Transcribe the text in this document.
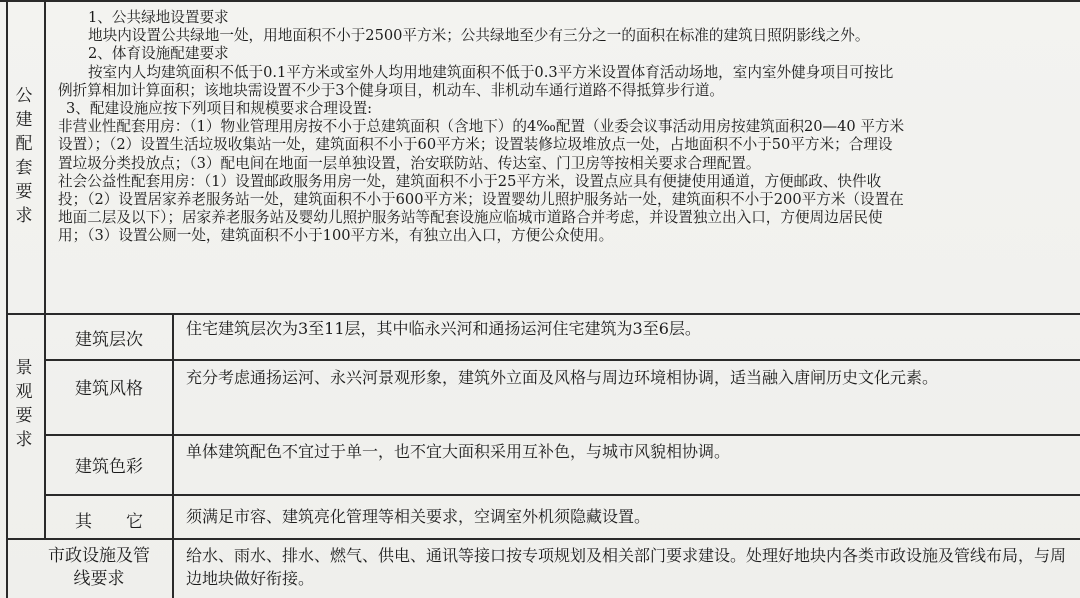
公建配套要求
1、公共绿地设置要求
地块内设置公共绿地一处，用地面积不小于2500平方米；公共绿地至少有三分之一的面积在标准的建筑日照阴影线之外。
2、体育设施配建要求
按室内人均建筑面积不低于0.1平方米或室外人均用地建筑面积不低于0.3平方米设置体育活动场地，室内室外健身项目可按比
例折算相加计算面积；该地块需设置不少于3个健身项目，机动车、非机动车通行道路不得抵算步行道。
3、配建设施应按下列项目和规模要求合理设置:
非营业性配套用房：（1）物业管理用房按不小于总建筑面积（含地下）的4‰配置（业委会议事活动用房按建筑面积20—40 平方米
设置）；（2）设置生活垃圾收集站一处，建筑面积不小于60平方米；设置装修垃圾堆放点一处，占地面积不小于50平方米；合理设
置垃圾分类投放点；（3）配电间在地面一层单独设置，治安联防站、传达室、门卫房等按相关要求合理配置。
社会公益性配套用房：（1）设置邮政服务用房一处，建筑面积不小于25平方米，设置点应具有便捷使用通道，方便邮政、快件收
投；（2）设置居家养老服务站一处，建筑面积不小于600平方米；设置婴幼儿照护服务站一处，建筑面积不小于200平方米（设置在
地面二层及以下）；居家养老服务站及婴幼儿照护服务站等配套设施应临城市道路合并考虑，并设置独立出入口，方便周边居民使
用；（3）设置公厕一处，建筑面积不小于100平方米，有独立出入口，方便公众使用。
景观要求
建筑层次
住宅建筑层次为3至11层，其中临永兴河和通扬运河住宅建筑为3至6层。
建筑风格
充分考虑通扬运河、永兴河景观形象，建筑外立面及风格与周边环境相协调，适当融入唐闸历史文化元素。
建筑色彩
单体建筑配色不宜过于单一，也不宜大面积采用互补色，与城市风貌相协调。
其　　它	须满足市容、建筑亮化管理等相关要求，空调室外机须隐藏设置。
市政设施及管线要求
给水、雨水、排水、燃气、供电、通讯等接口按专项规划及相关部门要求建设。处理好地块内各类市政设施及管线布局，与周边地块做好衔接。
